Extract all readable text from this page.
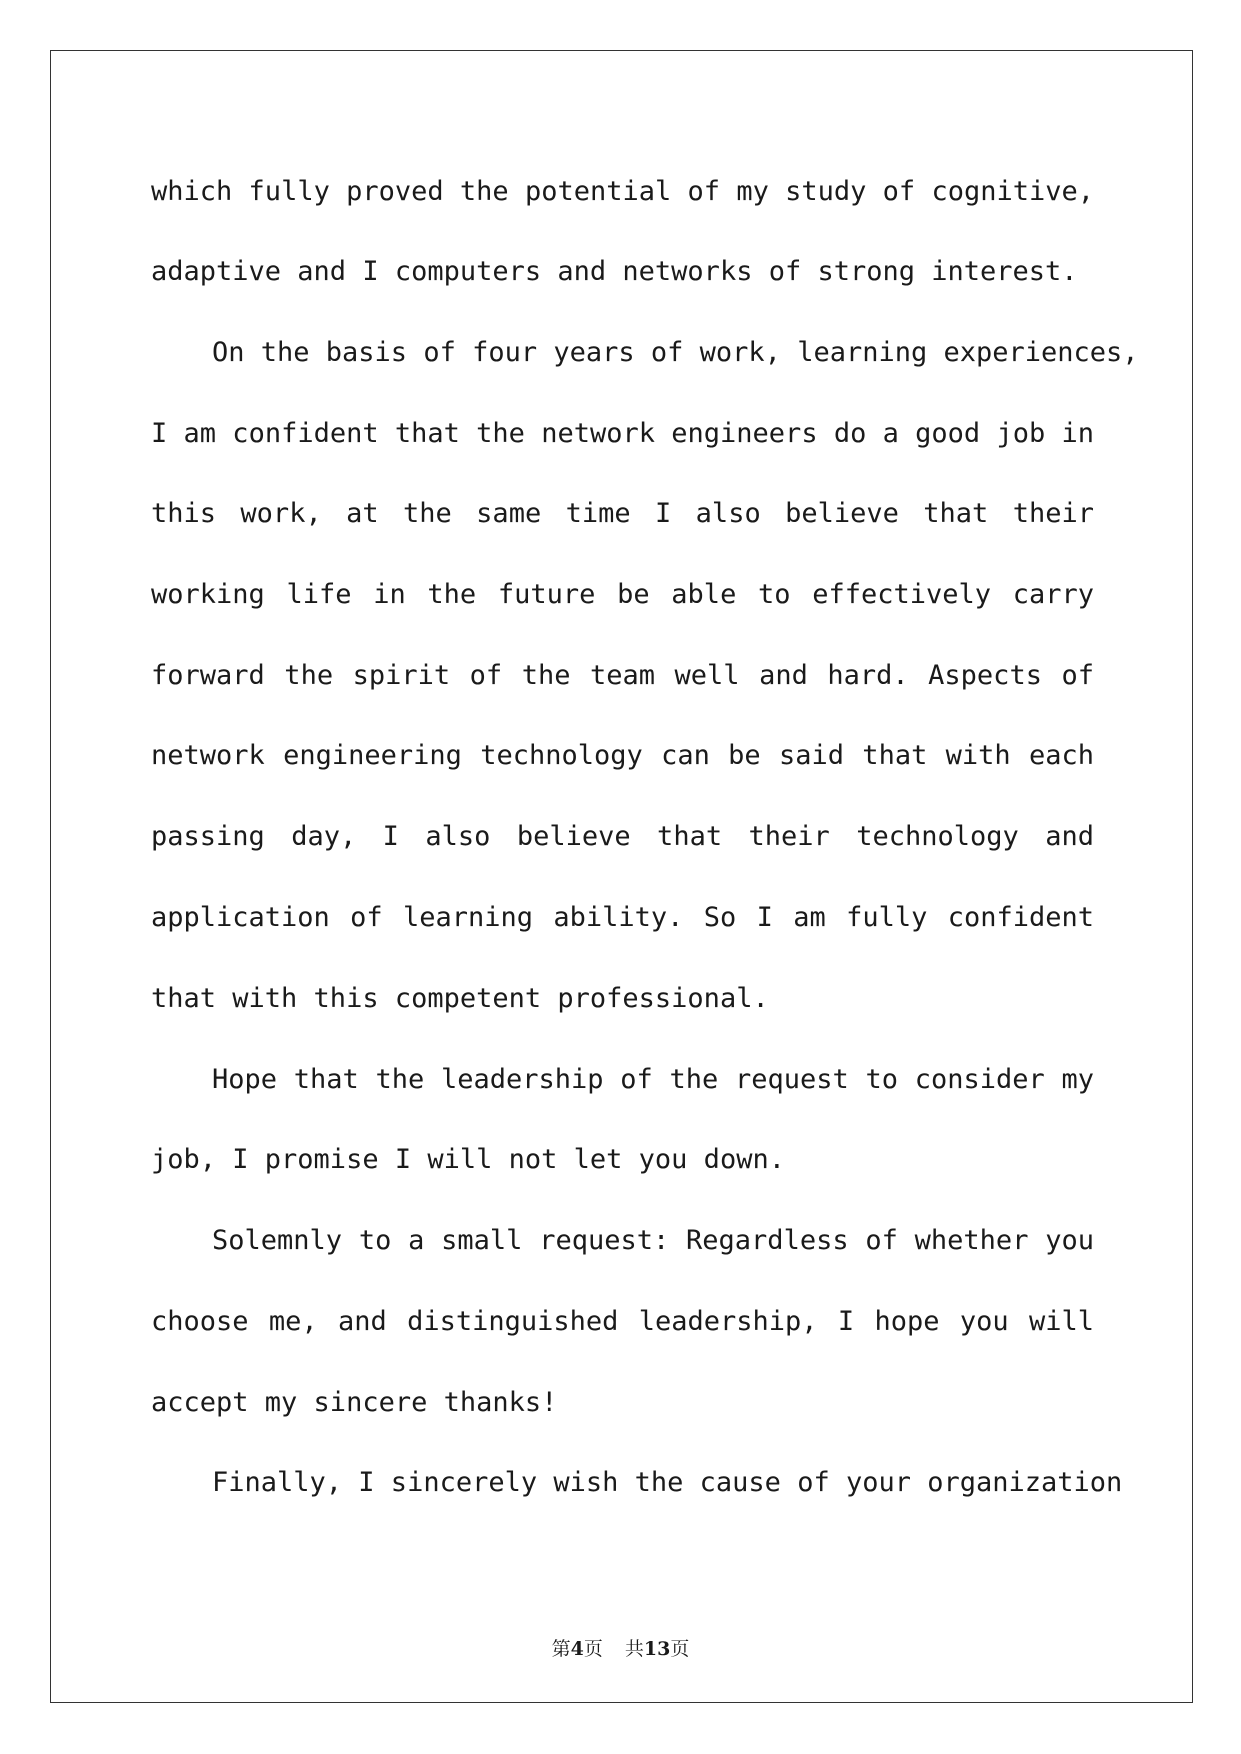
which fully proved the potential of my study of cognitive,
adaptive and I computers and networks of strong interest.
On the basis of four years of work, learning experiences,
I am confident that the network engineers do a good job in
this work, at the same time I also believe that their
working life in the future be able to effectively carry
forward the spirit of the team well and hard. Aspects of
network engineering technology can be said that with each
passing day, I also believe that their technology and
application of learning ability. So I am fully confident
that with this competent professional.
Hope that the leadership of the request to consider my
job, I promise I will not let you down.
Solemnly to a small request: Regardless of whether you
choose me, and distinguished leadership, I hope you will
accept my sincere thanks!
Finally, I sincerely wish the cause of your organization
第4页 共13页
